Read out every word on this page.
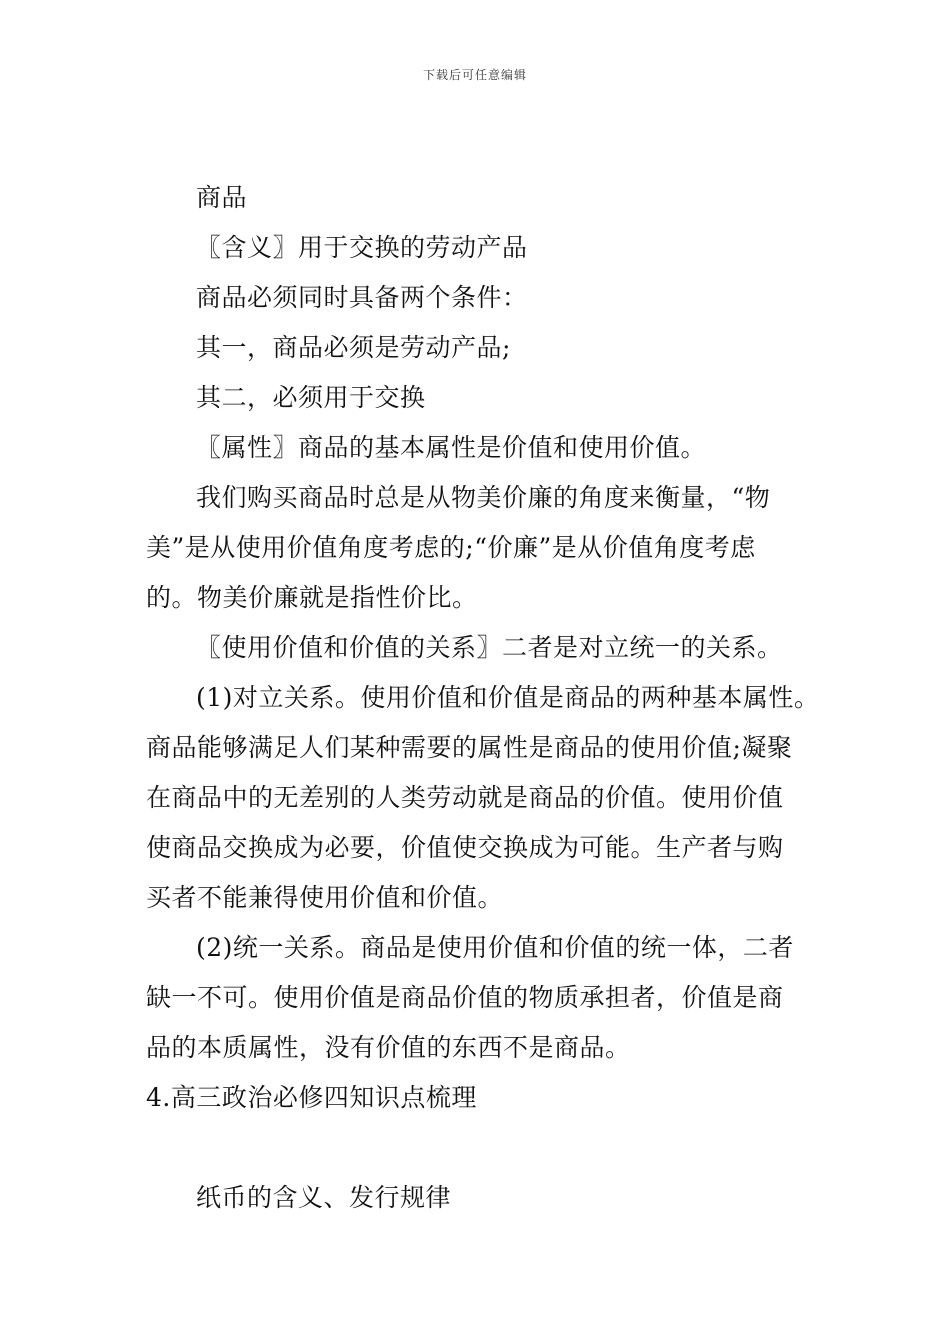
下载后可任意编辑
商品
〖含义〗用于交换的劳动产品
商品必须同时具备两个条件：
其一，商品必须是劳动产品;
其二，必须用于交换
〖属性〗商品的基本属性是价值和使用价值。
我们购买商品时总是从物美价廉的角度来衡量，“物
美”是从使用价值角度考虑的;“价廉”是从价值角度考虑
的。物美价廉就是指性价比。
〖使用价值和价值的关系〗二者是对立统一的关系。
(1)对立关系。使用价值和价值是商品的两种基本属性。
商品能够满足人们某种需要的属性是商品的使用价值;凝聚
在商品中的无差别的人类劳动就是商品的价值。使用价值
使商品交换成为必要，价值使交换成为可能。生产者与购
买者不能兼得使用价值和价值。
(2)统一关系。商品是使用价值和价值的统一体，二者
缺一不可。使用价值是商品价值的物质承担者，价值是商
品的本质属性，没有价值的东西不是商品。
4.高三政治必修四知识点梳理
纸币的含义、发行规律
